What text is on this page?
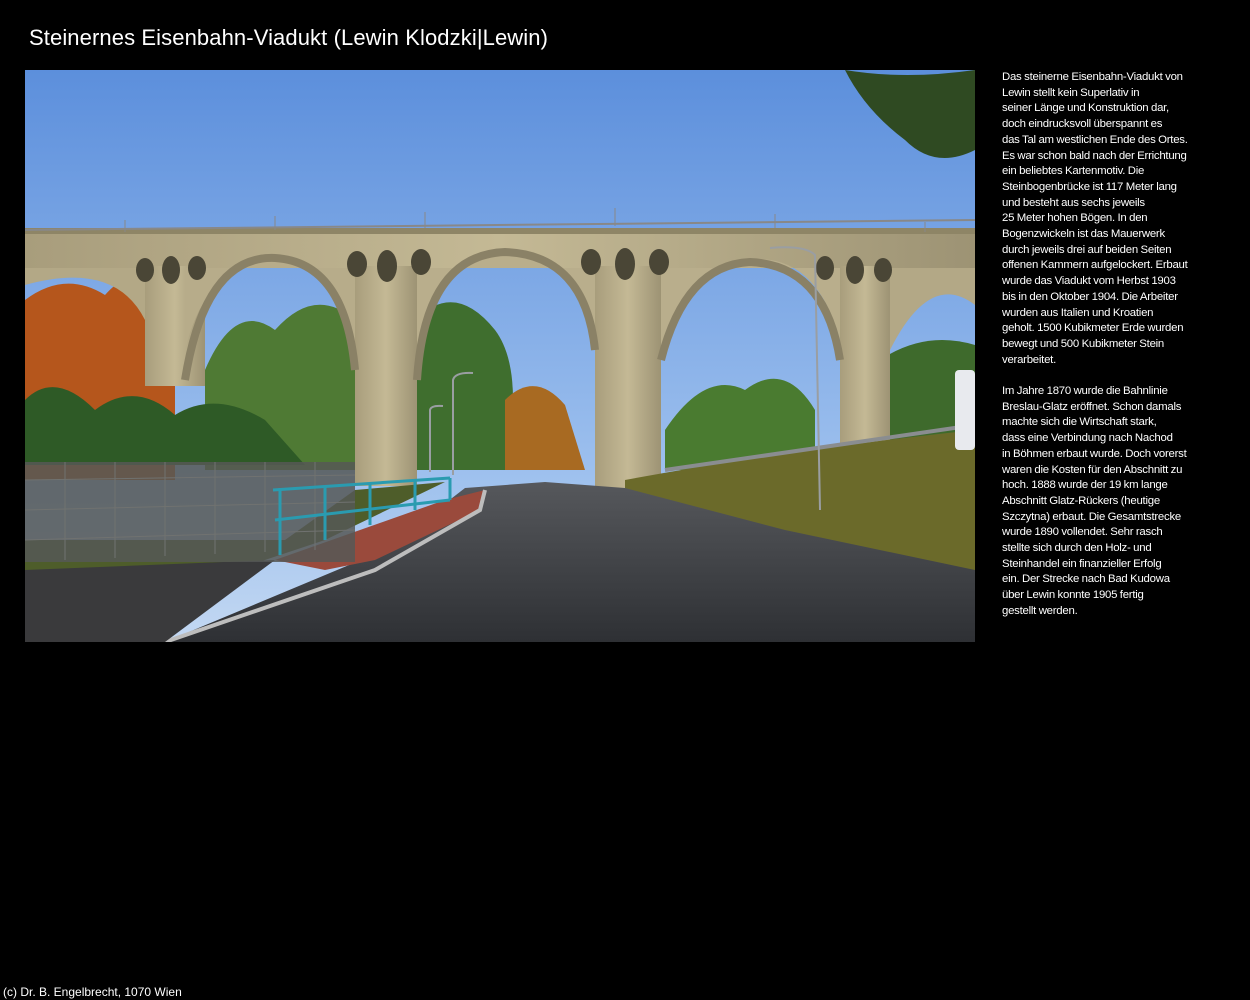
Steinernes Eisenbahn-Viadukt (Lewin Klodzki|Lewin)

Das steinerne Eisenbahn-Viadukt von
Lewin stellt kein Superlativ in
seiner Länge und Konstruktion dar,
doch eindrucksvoll überspannt es
das Tal am westlichen Ende des Ortes.
Es war schon bald nach der Errichtung
ein beliebtes Kartenmotiv. Die
Steinbogenbrücke ist 117 Meter lang
und besteht aus sechs jeweils
25 Meter hohen Bögen. In den
Bogenzwickeln ist das Mauerwerk
durch jeweils drei auf beiden Seiten
offenen Kammern aufgelockert. Erbaut
wurde das Viadukt vom Herbst 1903
bis in den Oktober 1904. Die Arbeiter
wurden aus Italien und Kroatien
geholt. 1500 Kubikmeter Erde wurden
bewegt und 500 Kubikmeter Stein
verarbeitet.

Im Jahre 1870 wurde die Bahnlinie
Breslau-Glatz eröffnet. Schon damals
machte sich die Wirtschaft stark,
dass eine Verbindung nach Nachod
in Böhmen erbaut wurde. Doch vorerst
waren die Kosten für den Abschnitt zu
hoch. 1888 wurde der 19 km lange
Abschnitt Glatz-Rückers (heutige
Szczytna) erbaut. Die Gesamtstrecke
wurde 1890 vollendet. Sehr rasch
stellte sich durch den Holz- und
Steinhandel ein finanzieller Erfolg
ein. Der Strecke nach Bad Kudowa
über Lewin konnte 1905 fertig
gestellt werden.

(c) Dr. B. Engelbrecht, 1070 Wien
